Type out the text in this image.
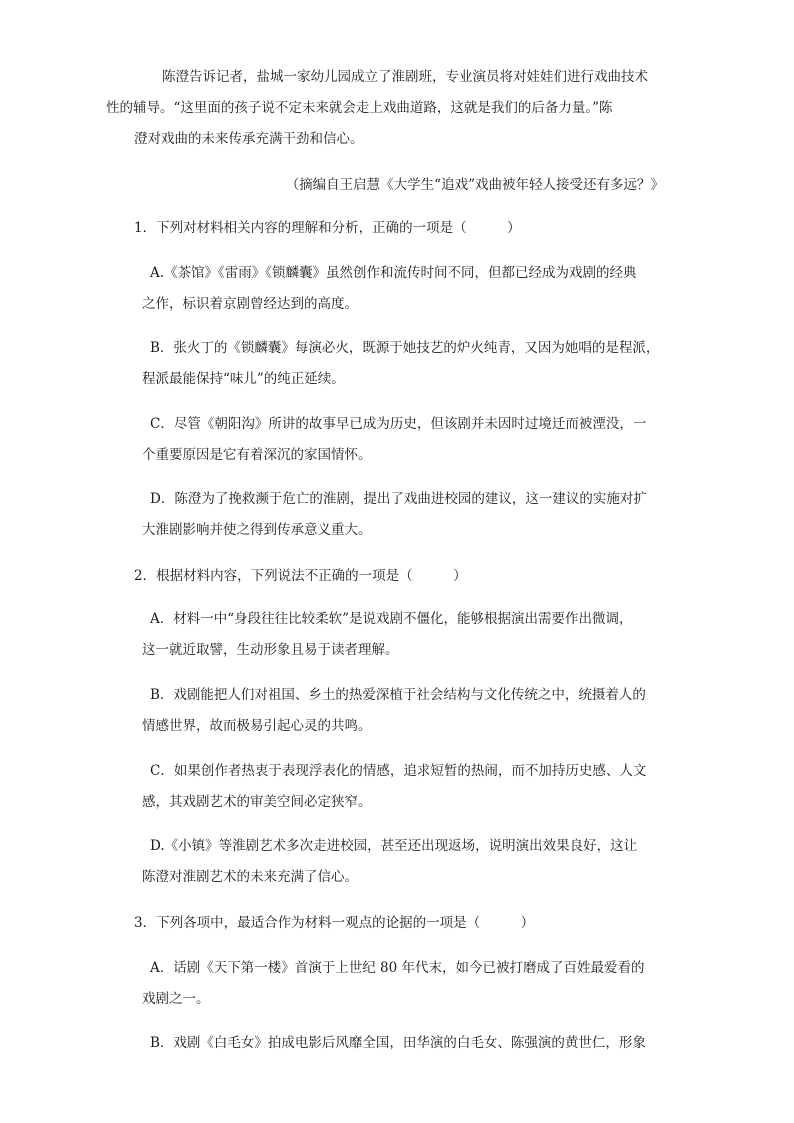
陈澄告诉记者，盐城一家幼儿园成立了淮剧班，专业演员将对娃娃们进行戏曲技术
性的辅导。“这里面的孩子说不定未来就会走上戏曲道路，这就是我们的后备力量。”陈
澄对戏曲的未来传承充满干劲和信心。

（摘编自王启慧《大学生“追戏”戏曲被年轻人接受还有多远？》

1．下列对材料相关内容的理解和分析，正确的一项是（　　　）

A.《茶馆》《雷雨》《锁麟囊》虽然创作和流传时间不同，但都已经成为戏剧的经典
之作，标识着京剧曾经达到的高度。

B．张火丁的《锁麟囊》每演必火，既源于她技艺的炉火纯青，又因为她唱的是程派，
程派最能保持“味儿”的纯正延续。

C．尽管《朝阳沟》所讲的故事早已成为历史，但该剧并未因时过境迁而被湮没，一
个重要原因是它有着深沉的家国情怀。

D．陈澄为了挽救濒于危亡的淮剧，提出了戏曲进校园的建议，这一建议的实施对扩
大淮剧影响并使之得到传承意义重大。

2．根据材料内容，下列说法不正确的一项是（　　　）

A．材料一中“身段往往比较柔软”是说戏剧不僵化，能够根据演出需要作出微调，
这一就近取譬，生动形象且易于读者理解。

B．戏剧能把人们对祖国、乡土的热爱深植于社会结构与文化传统之中，统摄着人的
情感世界，故而极易引起心灵的共鸣。

C．如果创作者热衷于表现浮表化的情感，追求短暂的热闹，而不加持历史感、人文
感，其戏剧艺术的审美空间必定狭窄。

D.《小镇》等淮剧艺术多次走进校园，甚至还出现返场，说明演出效果良好，这让
陈澄对淮剧艺术的未来充满了信心。

3．下列各项中，最适合作为材料一观点的论据的一项是（　　　）

A．话剧《天下第一楼》首演于上世纪 80 年代末，如今已被打磨成了百姓最爱看的
戏剧之一。

B．戏剧《白毛女》拍成电影后风靡全国，田华演的白毛女、陈强演的黄世仁，形象
